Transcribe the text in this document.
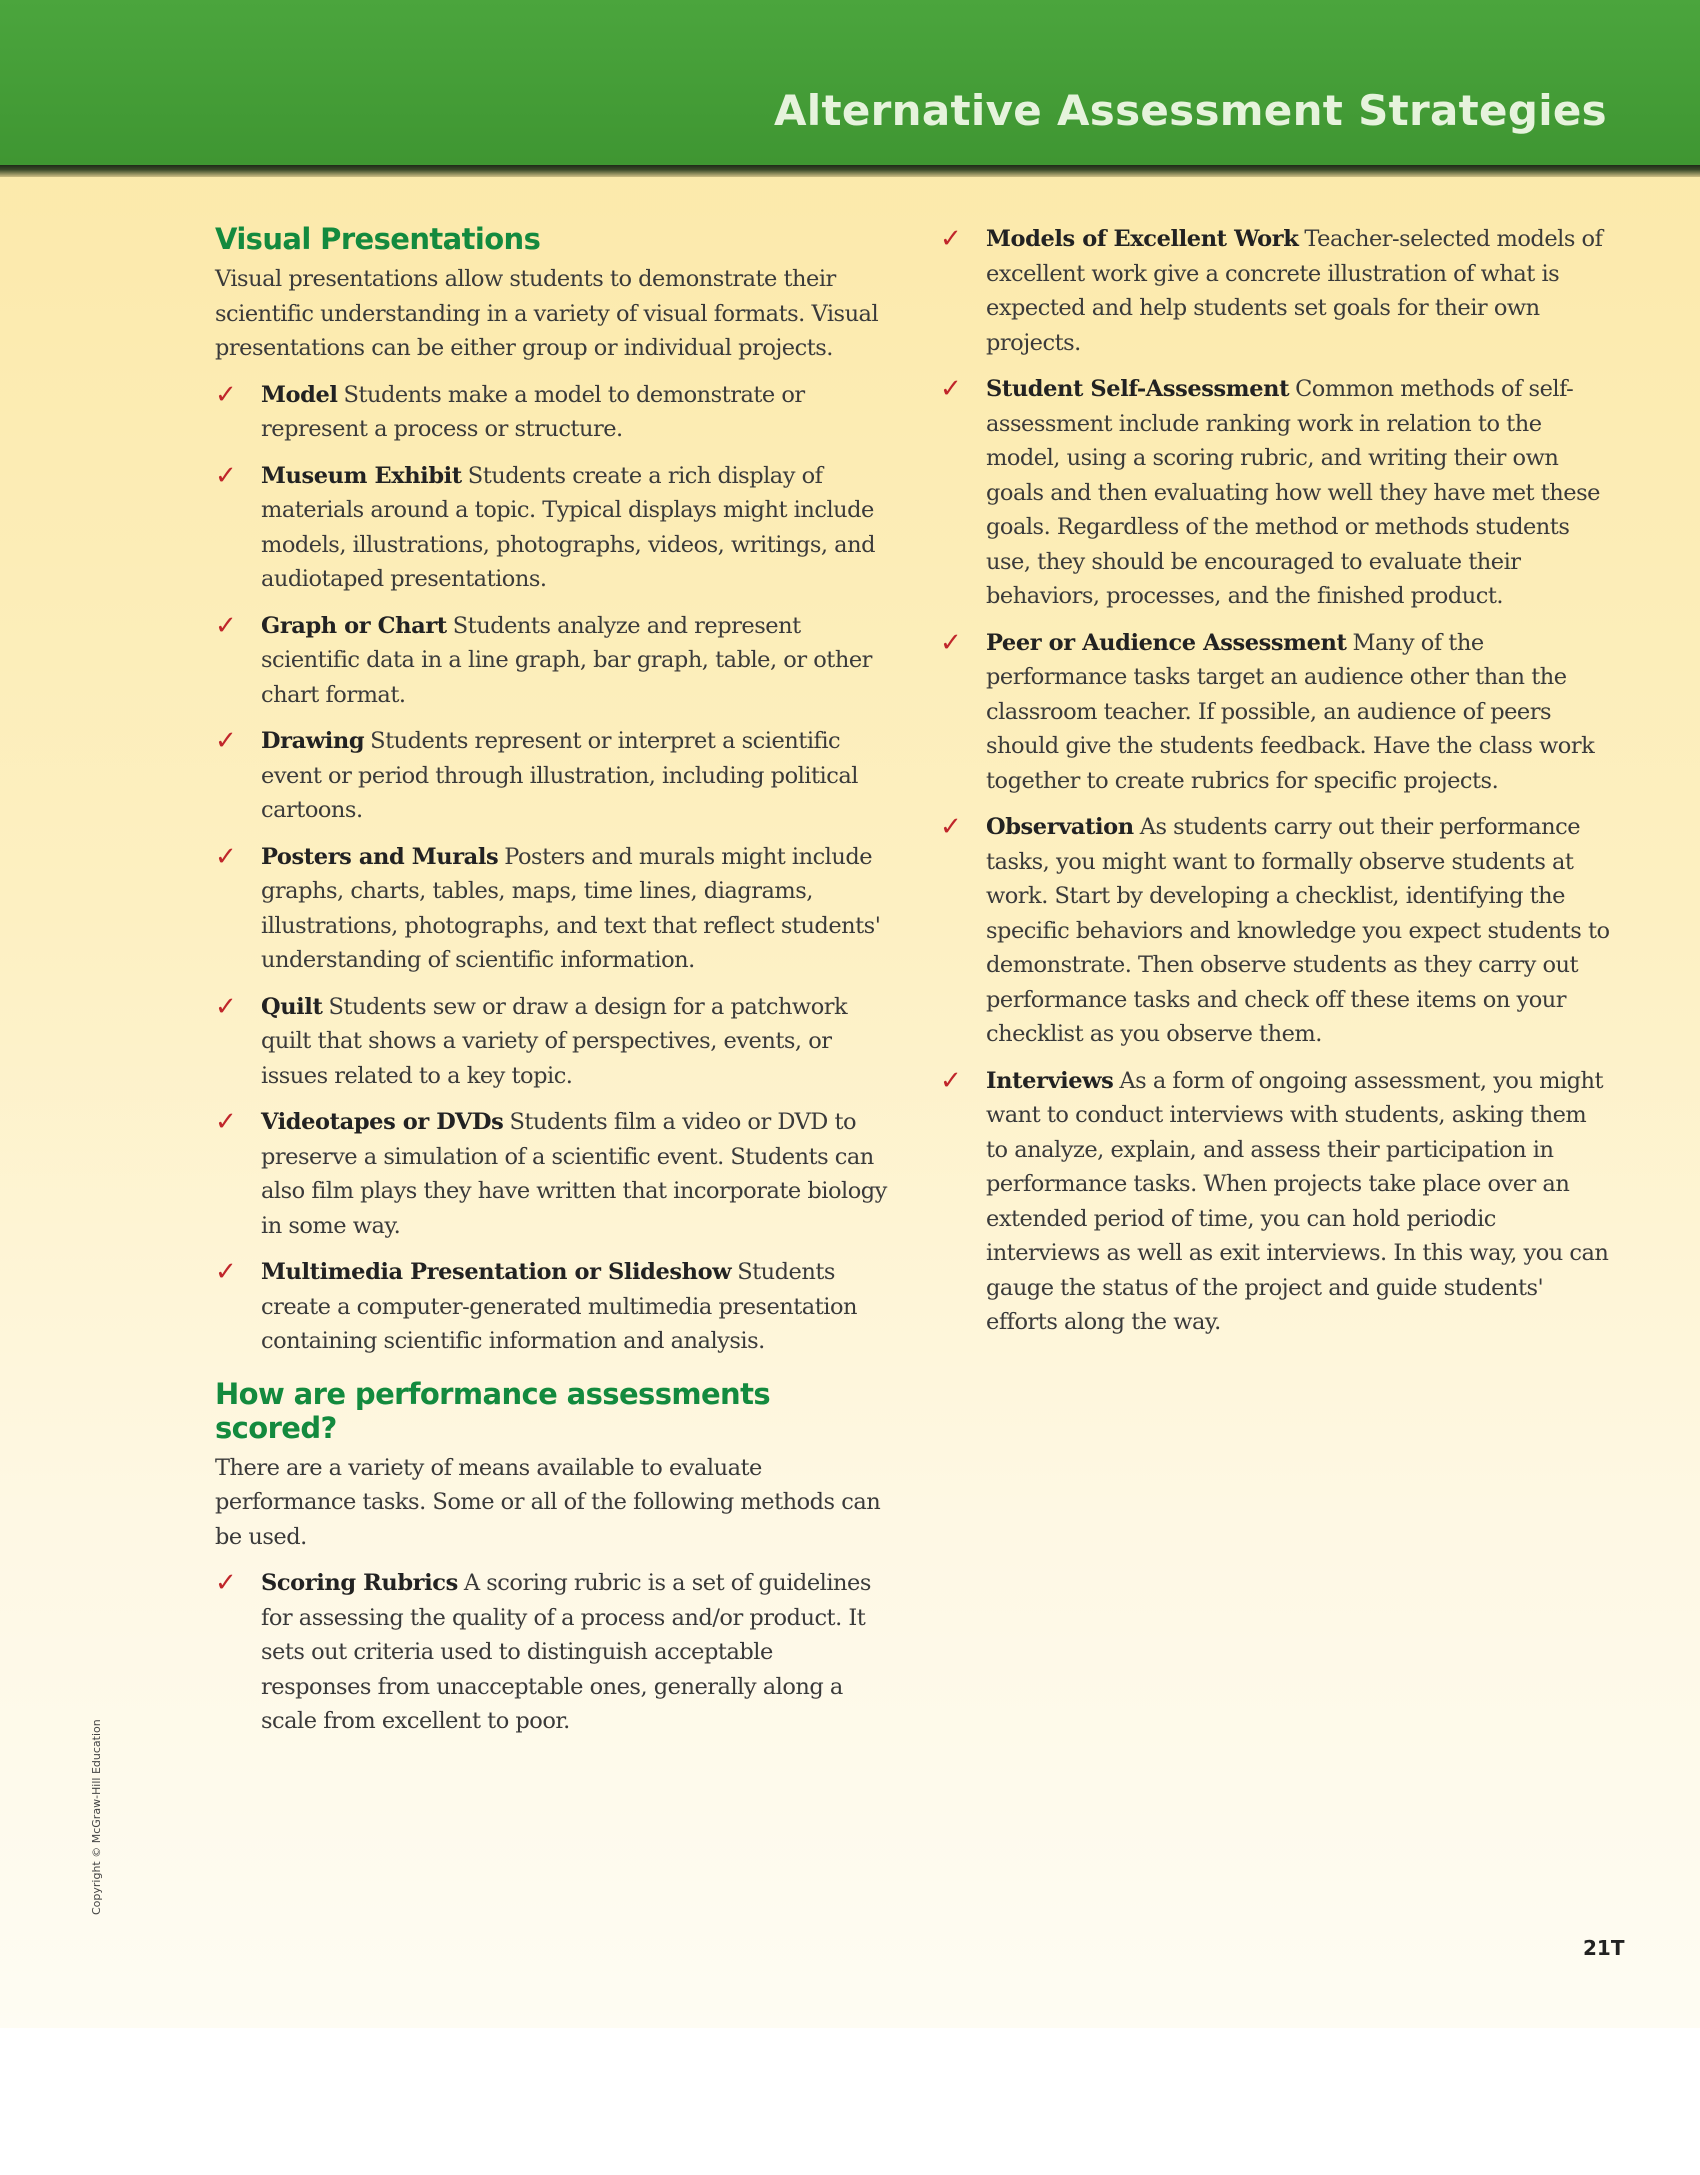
Alternative Assessment Strategies
Visual Presentations

Visual presentations allow students to demonstrate their scientific understanding in a variety of visual formats. Visual presentations can be either group or individual projects.

✓ Model Students make a model to demonstrate or represent a process or structure.
✓ Museum Exhibit Students create a rich display of materials around a topic. Typical displays might include models, illustrations, photographs, videos, writings, and audiotaped presentations.
✓ Graph or Chart Students analyze and represent scientific data in a line graph, bar graph, table, or other chart format.
✓ Drawing Students represent or interpret a scientific event or period through illustration, including political cartoons.
✓ Posters and Murals Posters and murals might include graphs, charts, tables, maps, time lines, diagrams, illustrations, photographs, and text that reflect students' understanding of scientific information.
✓ Quilt Students sew or draw a design for a patchwork quilt that shows a variety of perspectives, events, or issues related to a key topic.
✓ Videotapes or DVDs Students film a video or DVD to preserve a simulation of a scientific event. Students can also film plays they have written that incorporate biology in some way.
✓ Multimedia Presentation or Slideshow Students create a computer-generated multimedia presentation containing scientific information and analysis.
How are performance assessments scored?

There are a variety of means available to evaluate performance tasks. Some or all of the following methods can be used.

✓ Scoring Rubrics A scoring rubric is a set of guidelines for assessing the quality of a process and/or product. It sets out criteria used to distinguish acceptable responses from unacceptable ones, generally along a scale from excellent to poor.
✓ Models of Excellent Work Teacher-selected models of excellent work give a concrete illustration of what is expected and help students set goals for their own projects.
✓ Student Self-Assessment Common methods of self-assessment include ranking work in relation to the model, using a scoring rubric, and writing their own goals and then evaluating how well they have met these goals. Regardless of the method or methods students use, they should be encouraged to evaluate their behaviors, processes, and the finished product.
✓ Peer or Audience Assessment Many of the performance tasks target an audience other than the classroom teacher. If possible, an audience of peers should give the students feedback. Have the class work together to create rubrics for specific projects.
✓ Observation As students carry out their performance tasks, you might want to formally observe students at work. Start by developing a checklist, identifying the specific behaviors and knowledge you expect students to demonstrate. Then observe students as they carry out performance tasks and check off these items on your checklist as you observe them.
✓ Interviews As a form of ongoing assessment, you might want to conduct interviews with students, asking them to analyze, explain, and assess their participation in performance tasks. When projects take place over an extended period of time, you can hold periodic interviews as well as exit interviews. In this way, you can gauge the status of the project and guide students' efforts along the way.
Copyright © McGraw-Hill Education
21T
